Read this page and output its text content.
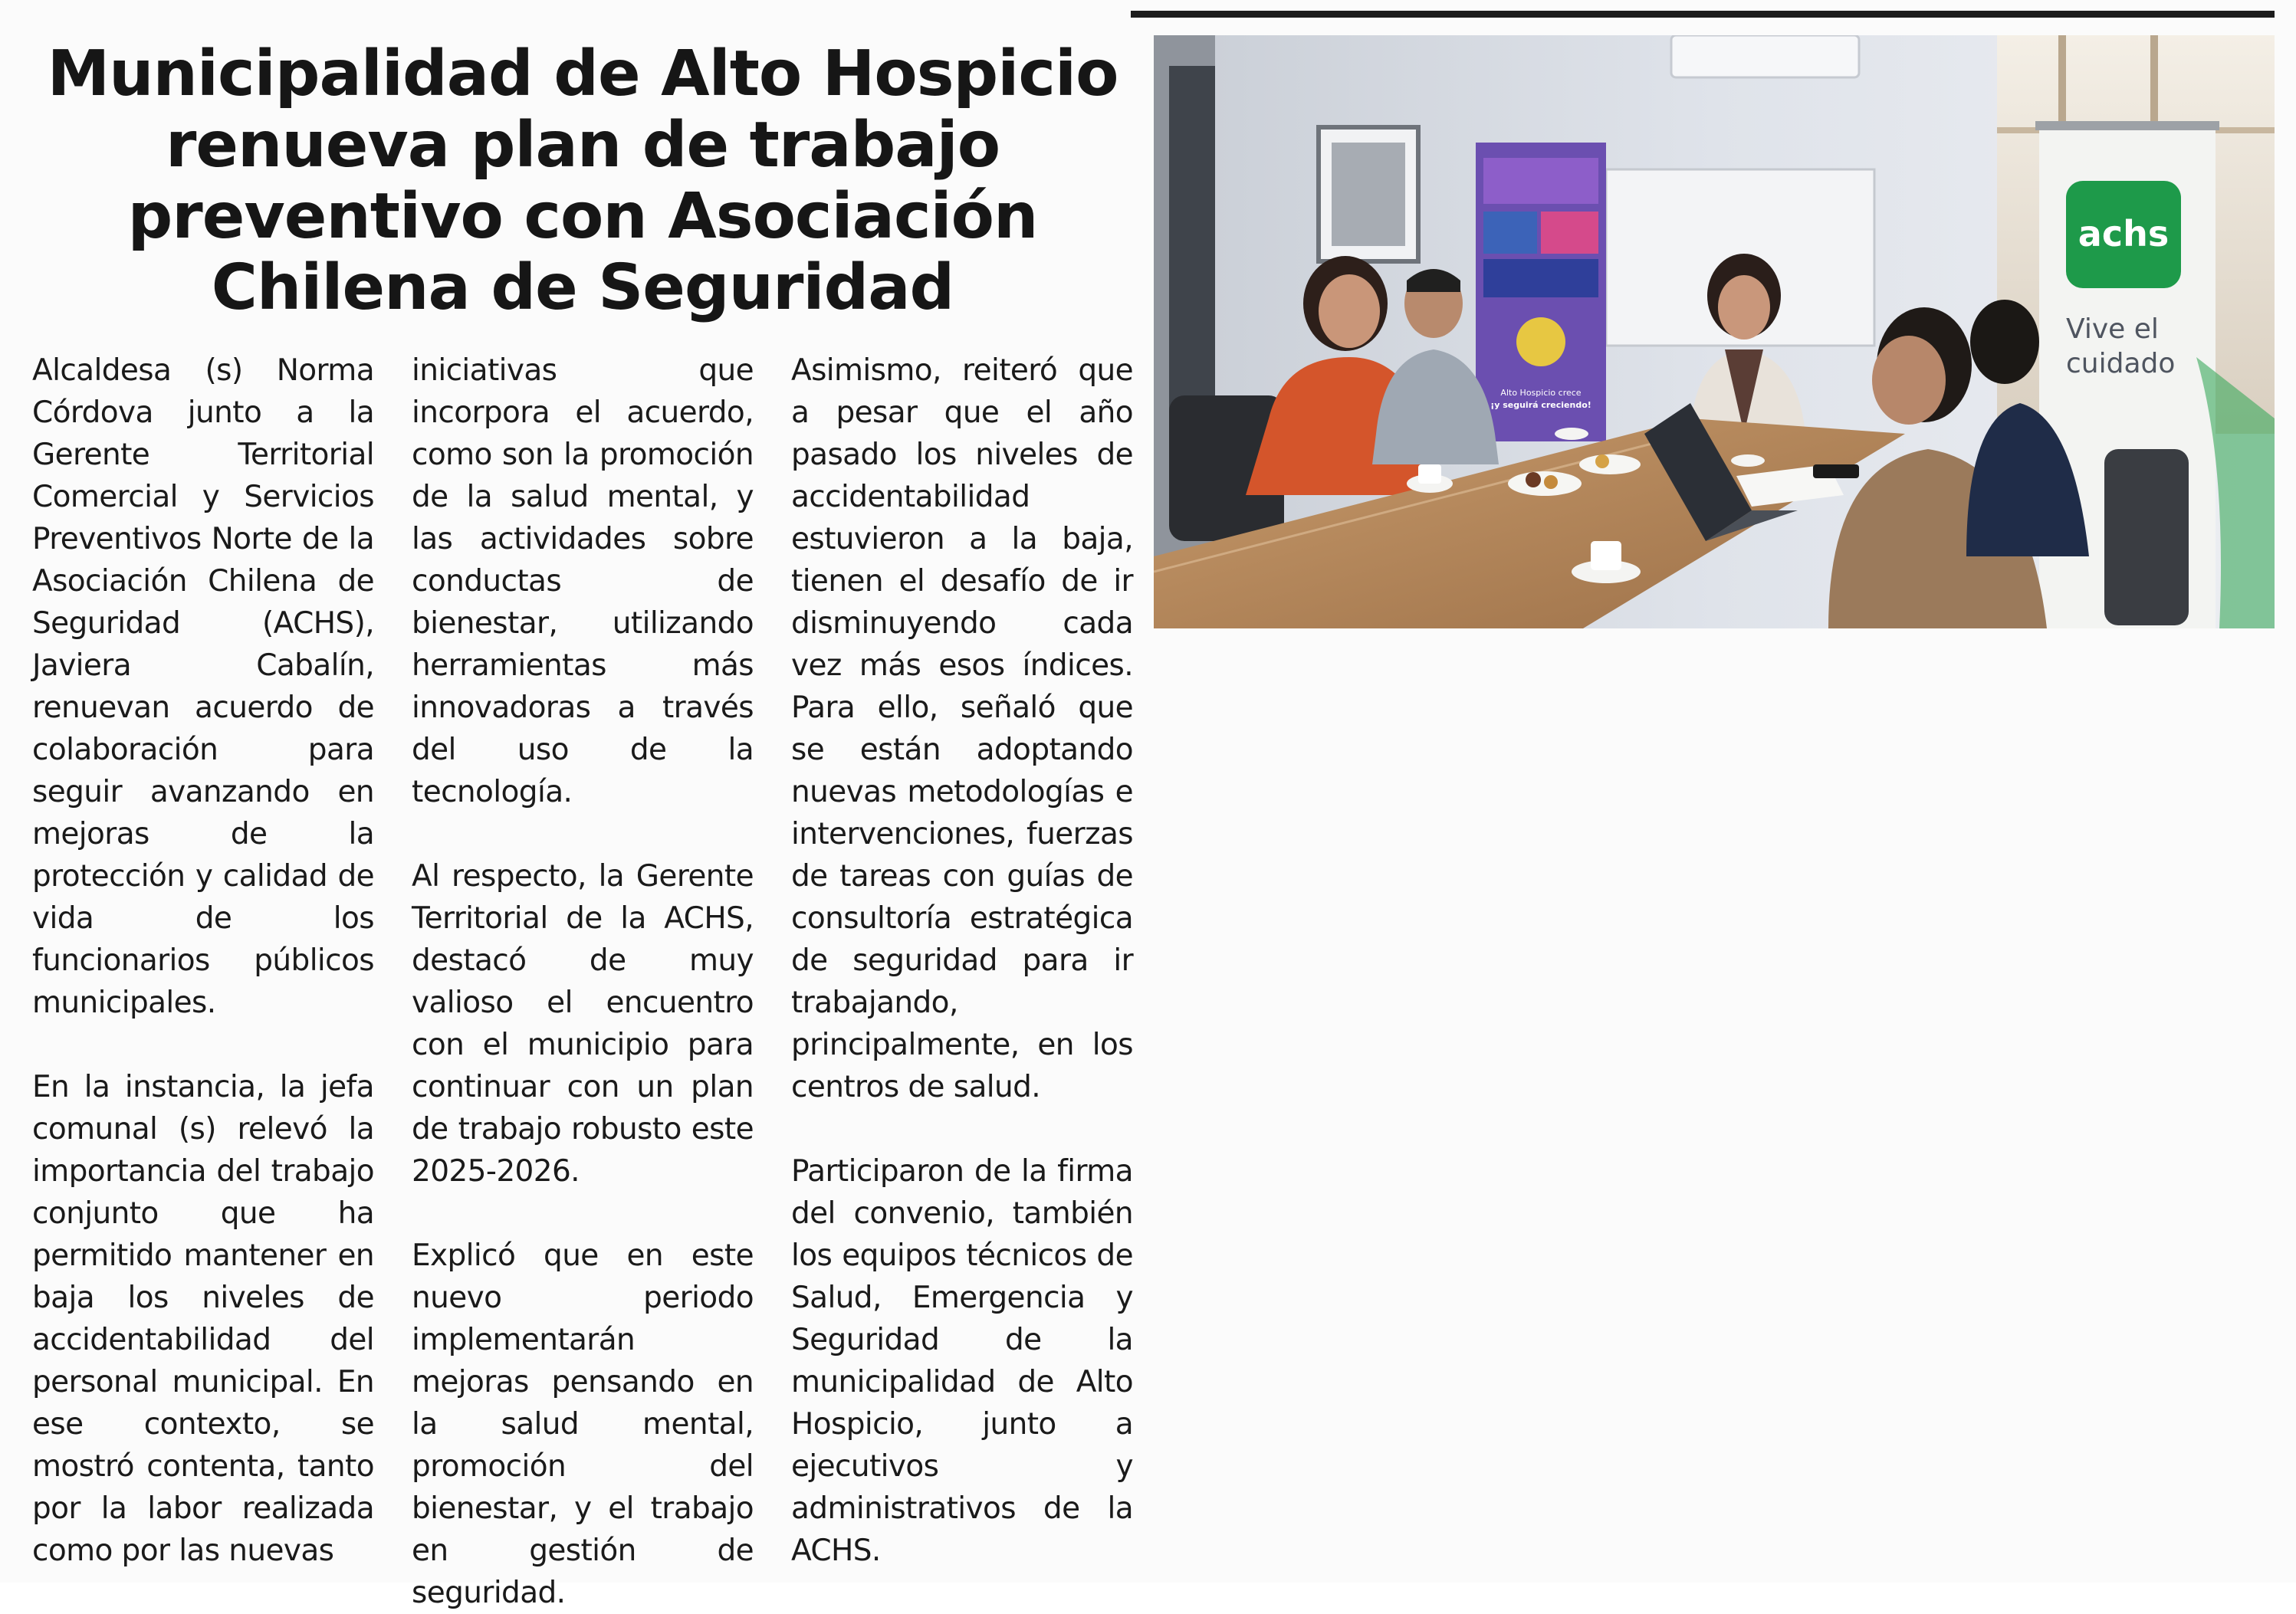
Municipalidad de Alto Hospicio renueva plan de trabajo preventivo con Asociación Chilena de Seguridad

Alcaldesa (s) Norma Córdova junto a la Gerente Territorial Comercial y Servicios Preventivos Norte de la Asociación Chilena de Seguridad (ACHS), Javiera Cabalín, renuevan acuerdo de colaboración para seguir avanzando en mejoras de la protección y calidad de vida de los funcionarios públicos municipales.

En la instancia, la jefa comunal (s) relevó la importancia del trabajo conjunto que ha permitido mantener en baja los niveles de accidentabilidad del personal municipal. En ese contexto, se mostró contenta, tanto por la labor realizada como por las nuevas

iniciativas que incorpora el acuerdo, como son la promoción de la salud mental, y las actividades sobre conductas de bienestar, utilizando herramientas más innovadoras a través del uso de la tecnología.

Al respecto, la Gerente Territorial de la ACHS, destacó de muy valioso el encuentro con el municipio para continuar con un plan de trabajo robusto este 2025-2026.

Explicó que en este nuevo periodo implementarán mejoras pensando en la salud mental, promoción del bienestar, y el trabajo en gestión de seguridad.

Asimismo, reiteró que a pesar que el año pasado los niveles de accidentabilidad estuvieron a la baja, tienen el desafío de ir disminuyendo cada vez más esos índices. Para ello, señaló que se están adoptando nuevas metodologías e intervenciones, fuerzas de tareas con guías de consultoría estratégica de seguridad para ir trabajando, principalmente, en los centros de salud.

Participaron de la firma del convenio, también los equipos técnicos de Salud, Emergencia y Seguridad de la municipalidad de Alto Hospicio, junto a ejecutivos y administrativos de la ACHS.

Alto Hospicio crece
¡y seguirá creciendo!
achs
Vive el
cuidado
